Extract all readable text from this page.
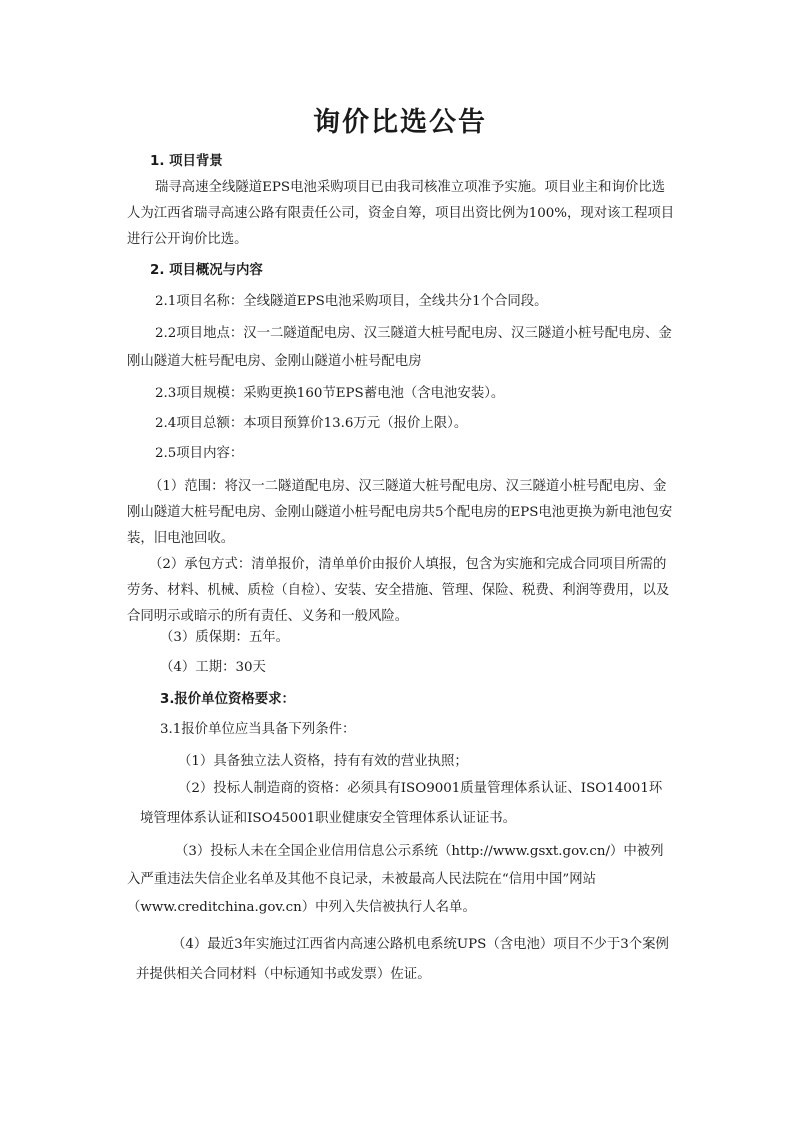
询价比选公告

1. 项目背景

瑞寻高速全线隧道EPS电池采购项目已由我司核准立项准予实施。项目业主和询价比选人为江西省瑞寻高速公路有限责任公司，资金自筹，项目出资比例为100%，现对该工程项目进行公开询价比选。

2. 项目概况与内容

2.1项目名称：全线隧道EPS电池采购项目，全线共分1个合同段。

2.2项目地点：汉一二隧道配电房、汉三隧道大桩号配电房、汉三隧道小桩号配电房、金刚山隧道大桩号配电房、金刚山隧道小桩号配电房

2.3项目规模：采购更换160节EPS蓄电池（含电池安装）。

2.4项目总额：本项目预算价13.6万元（报价上限）。

2.5项目内容：

（1）范围：将汉一二隧道配电房、汉三隧道大桩号配电房、汉三隧道小桩号配电房、金刚山隧道大桩号配电房、金刚山隧道小桩号配电房共5个配电房的EPS电池更换为新电池包安装，旧电池回收。

（2）承包方式：清单报价，清单单价由报价人填报，包含为实施和完成合同项目所需的劳务、材料、机械、质检（自检）、安装、安全措施、管理、保险、税费、利润等费用，以及合同明示或暗示的所有责任、义务和一般风险。

（3）质保期：五年。

（4）工期：30天

3.报价单位资格要求：

3.1报价单位应当具备下列条件：

（1）具备独立法人资格，持有有效的营业执照；

（2）投标人制造商的资格：必须具有ISO9001质量管理体系认证、ISO14001环境管理体系认证和ISO45001职业健康安全管理体系认证证书。

（3）投标人未在全国企业信用信息公示系统（http://www.gsxt.gov.cn/）中被列入严重违法失信企业名单及其他不良记录，未被最高人民法院在“信用中国”网站（www.creditchina.gov.cn）中列入失信被执行人名单。

（4）最近3年实施过江西省内高速公路机电系统UPS（含电池）项目不少于3个案例并提供相关合同材料（中标通知书或发票）佐证。
